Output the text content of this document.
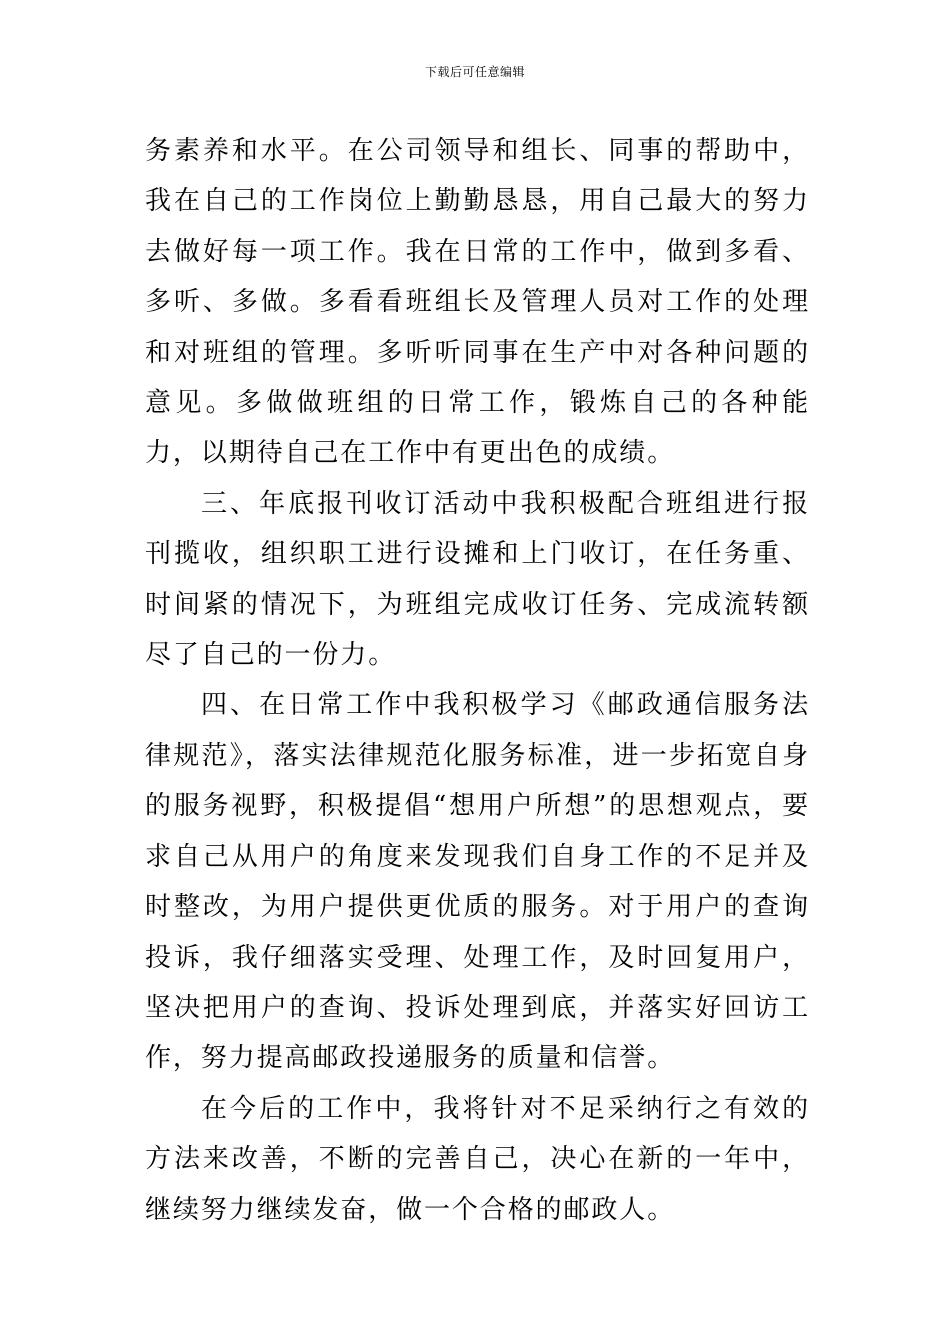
下载后可任意编辑

务素养和水平。在公司领导和组长、同事的帮助中，我在自己的工作岗位上勤勤恳恳，用自己最大的努力去做好每一项工作。我在日常的工作中，做到多看、多听、多做。多看看班组长及管理人员对工作的处理和对班组的管理。多听听同事在生产中对各种问题的意见。多做做班组的日常工作，锻炼自己的各种能力，以期待自己在工作中有更出色的成绩。

三、年底报刊收订活动中我积极配合班组进行报刊揽收，组织职工进行设摊和上门收订，在任务重、时间紧的情况下，为班组完成收订任务、完成流转额尽了自己的一份力。

四、在日常工作中我积极学习《邮政通信服务法律规范》，落实法律规范化服务标准，进一步拓宽自身的服务视野，积极提倡“想用户所想”的思想观点，要求自己从用户的角度来发现我们自身工作的不足并及时整改，为用户提供更优质的服务。对于用户的查询投诉，我仔细落实受理、处理工作，及时回复用户，坚决把用户的查询、投诉处理到底，并落实好回访工作，努力提高邮政投递服务的质量和信誉。

在今后的工作中，我将针对不足采纳行之有效的方法来改善，不断的完善自己，决心在新的一年中，继续努力继续发奋，做一个合格的邮政人。
